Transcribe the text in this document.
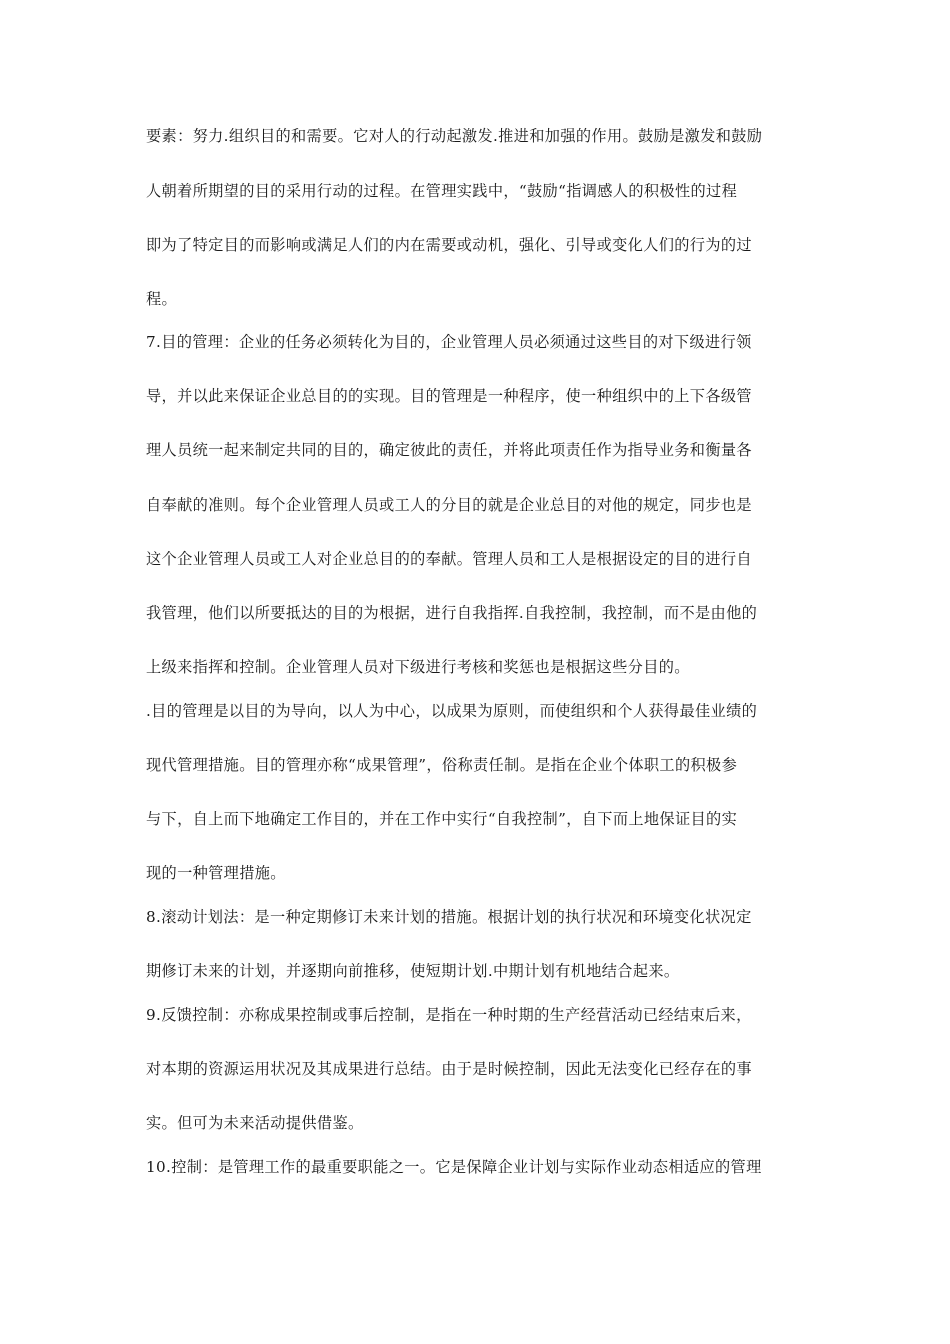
要素：努力.组织目的和需要。它对人的行动起激发.推进和加强的作用。鼓励是激发和鼓励
人朝着所期望的目的采用行动的过程。在管理实践中，“鼓励“指调感人的积极性的过程
即为了特定目的而影响或满足人们的内在需要或动机，强化、引导或变化人们的行为的过
程。
7.目的管理：企业的任务必须转化为目的，企业管理人员必须通过这些目的对下级进行领
导，并以此来保证企业总目的的实现。目的管理是一种程序，使一种组织中的上下各级管
理人员统一起来制定共同的目的，确定彼此的责任，并将此项责任作为指导业务和衡量各
自奉献的准则。每个企业管理人员或工人的分目的就是企业总目的对他的规定，同步也是
这个企业管理人员或工人对企业总目的的奉献。管理人员和工人是根据设定的目的进行自
我管理，他们以所要抵达的目的为根据，进行自我指挥.自我控制，我控制，而不是由他的
上级来指挥和控制。企业管理人员对下级进行考核和奖惩也是根据这些分目的。
.目的管理是以目的为导向，以人为中心，以成果为原则，而使组织和个人获得最佳业绩的
现代管理措施。目的管理亦称“成果管理”，俗称责任制。是指在企业个体职工的积极参
与下，自上而下地确定工作目的，并在工作中实行“自我控制”，自下而上地保证目的实
现的一种管理措施。
8.滚动计划法：是一种定期修订未来计划的措施。根据计划的执行状况和环境变化状况定
期修订未来的计划，并逐期向前推移，使短期计划.中期计划有机地结合起来。
9.反馈控制：亦称成果控制或事后控制，是指在一种时期的生产经营活动已经结束后来，
对本期的资源运用状况及其成果进行总结。由于是时候控制，因此无法变化已经存在的事
实。但可为未来活动提供借鉴。
10.控制：是管理工作的最重要职能之一。它是保障企业计划与实际作业动态相适应的管理
